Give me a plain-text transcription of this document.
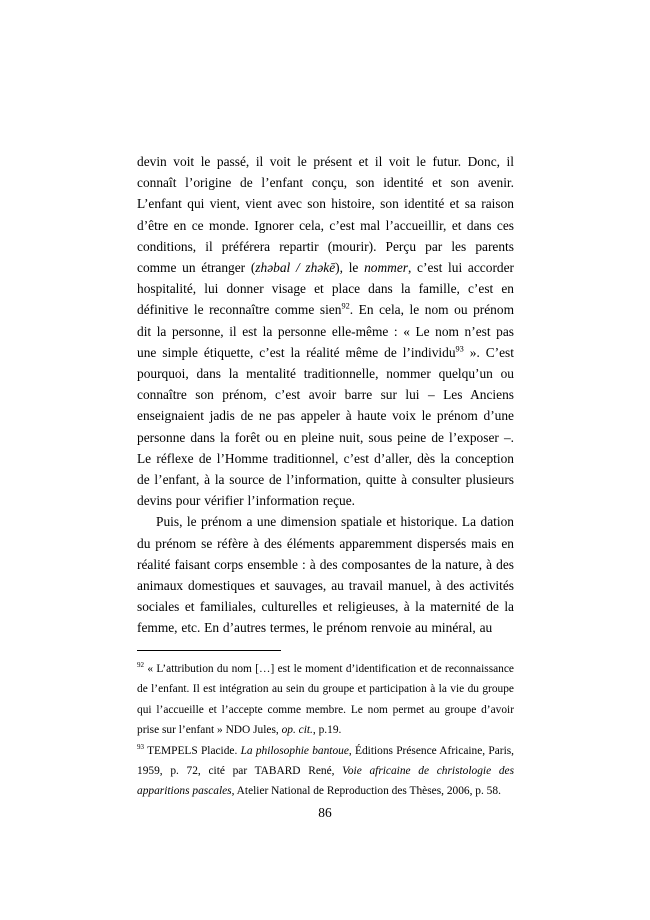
devin voit le passé, il voit le présent et il voit le futur. Donc, il connaît l’origine de l’enfant conçu, son identité et son avenir. L’enfant qui vient, vient avec son histoire, son identité et sa raison d’être en ce monde. Ignorer cela, c’est mal l’accueillir, et dans ces conditions, il préférera repartir (mourir). Perçu par les parents comme un étranger (zhəbal / zhəkē), le nommer, c’est lui accorder hospitalité, lui donner visage et place dans la famille, c’est en définitive le reconnaître comme sien$^{92}$. En cela, le nom ou prénom dit la personne, il est la personne elle-même : « Le nom n’est pas une simple étiquette, c’est la réalité même de l’individu$^{93}$ ». C’est pourquoi, dans la mentalité traditionnelle, nommer quelqu’un ou connaître son prénom, c’est avoir barre sur lui – Les Anciens enseignaient jadis de ne pas appeler à haute voix le prénom d’une personne dans la forêt ou en pleine nuit, sous peine de l’exposer –. Le réflexe de l’Homme traditionnel, c’est d’aller, dès la conception de l’enfant, à la source de l’information, quitte à consulter plusieurs devins pour vérifier l’information reçue.

Puis, le prénom a une dimension spatiale et historique. La dation du prénom se réfère à des éléments apparemment dispersés mais en réalité faisant corps ensemble : à des composantes de la nature, à des animaux domestiques et sauvages, au travail manuel, à des activités sociales et familiales, culturelles et religieuses, à la maternité de la femme, etc. En d’autres termes, le prénom renvoie au minéral, au

$^{92}$ « L’attribution du nom […] est le moment d’identification et de reconnaissance de l’enfant. Il est intégration au sein du groupe et participation à la vie du groupe qui l’accueille et l’accepte comme membre. Le nom permet au groupe d’avoir prise sur l’enfant » NDO Jules, op. cit., p.19.

$^{93}$ TEMPELS Placide. La philosophie bantoue, Éditions Présence Africaine, Paris, 1959, p. 72, cité par TABARD René, Voie africaine de christologie des apparitions pascales, Atelier National de Reproduction des Thèses, 2006, p. 58.

86
